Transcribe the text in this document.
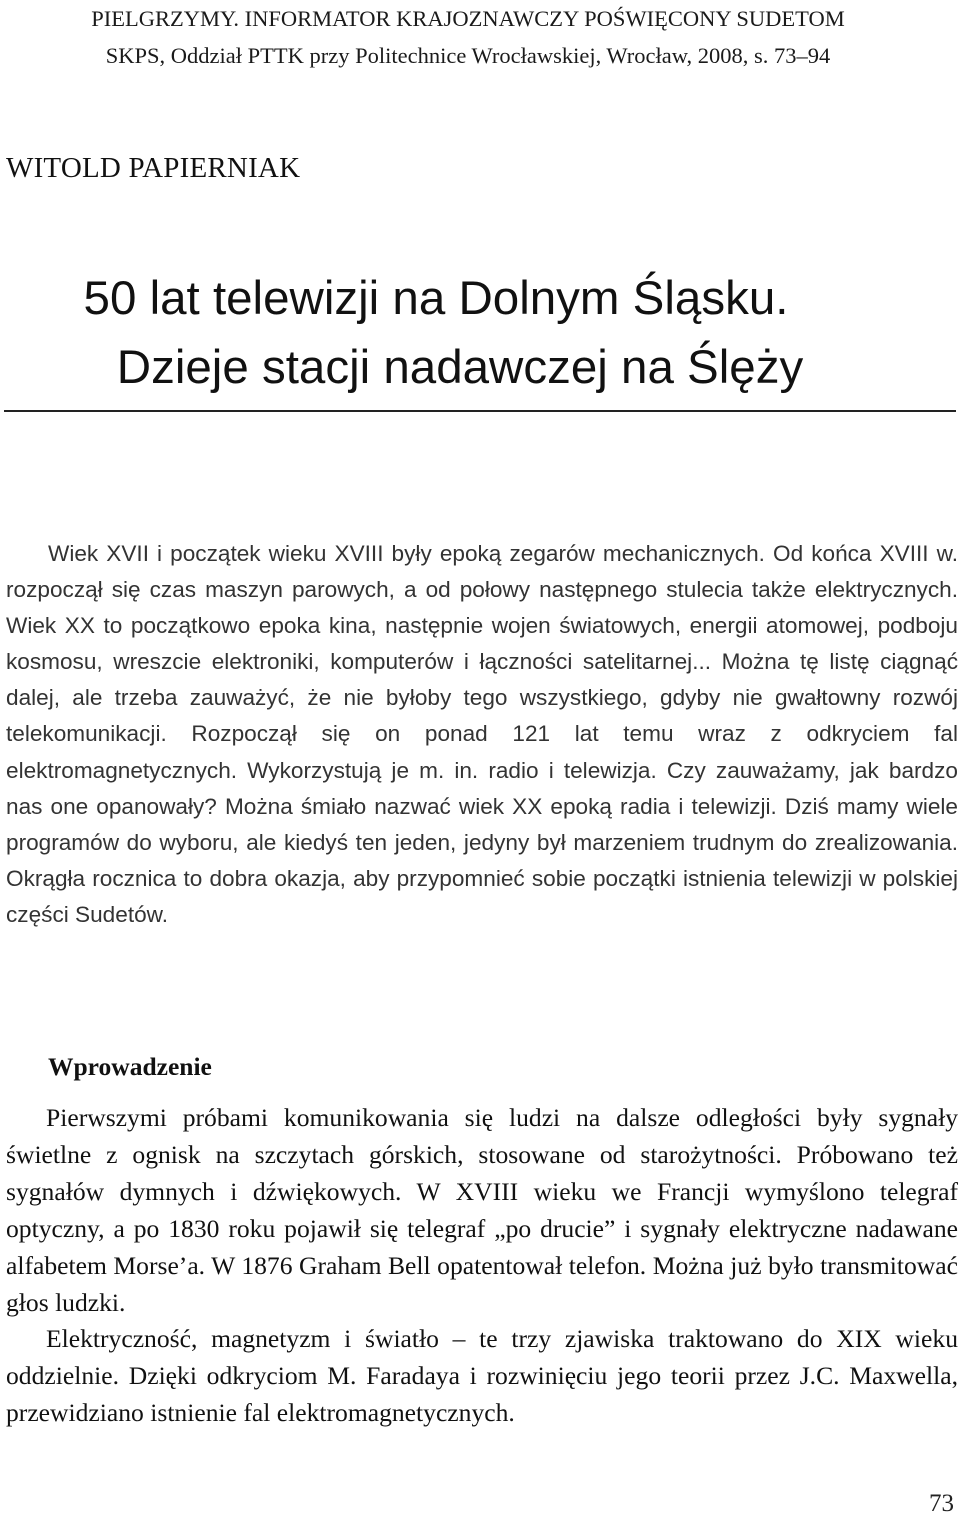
PIELGRZYMY. INFORMATOR KRAJOZNAWCZY POŚWIĘCONY SUDETOM
SKPS, Oddział PTTK przy Politechnice Wrocławskiej, Wrocław, 2008, s. 73–94
WITOLD PAPIERNIAK
50 lat telewizji na Dolnym Śląsku.
Dzieje stacji nadawczej na Ślęży

Wiek XVII i początek wieku XVIII były epoką zegarów mechanicznych. Od końca XVIII w. rozpoczął się czas maszyn parowych, a od połowy następnego stulecia także elektrycznych. Wiek XX to początkowo epoka kina, następnie wojen światowych, energii atomowej, podboju kosmosu, wreszcie elektroniki, komputerów i łączności satelitarnej... Można tę listę ciągnąć dalej, ale trzeba zauważyć, że nie byłoby tego wszystkiego, gdyby nie gwałtowny rozwój telekomunikacji. Rozpoczął się on ponad 121 lat temu wraz z odkryciem fal elektromagnetycznych. Wykorzystują je m. in. radio i telewizja. Czy zauważamy, jak bardzo nas one opanowały? Można śmiało nazwać wiek XX epoką radia i telewizji. Dziś mamy wiele programów do wyboru, ale kiedyś ten jeden, jedyny był marzeniem trudnym do zrealizowania. Okrągła rocznica to dobra okazja, aby przypomnieć sobie początki istnienia telewizji w polskiej części Sudetów.

Wprowadzenie

Pierwszymi próbami komunikowania się ludzi na dalsze odległości były sygnały świetlne z ognisk na szczytach górskich, stosowane od starożytności. Próbowano też sygnałów dymnych i dźwiękowych. W XVIII wieku we Francji wymyślono telegraf optyczny, a po 1830 roku pojawił się telegraf „po drucie” i sygnały elektryczne nadawane alfabetem Morse’a. W 1876 Graham Bell opatentował telefon. Można już było transmitować głos ludzki.

Elektryczność, magnetyzm i światło – te trzy zjawiska traktowano do XIX wieku oddzielnie. Dzięki odkryciom M. Faradaya i rozwinięciu jego teorii przez J.C. Maxwella, przewidziano istnienie fal elektromagnetycznych.

73
